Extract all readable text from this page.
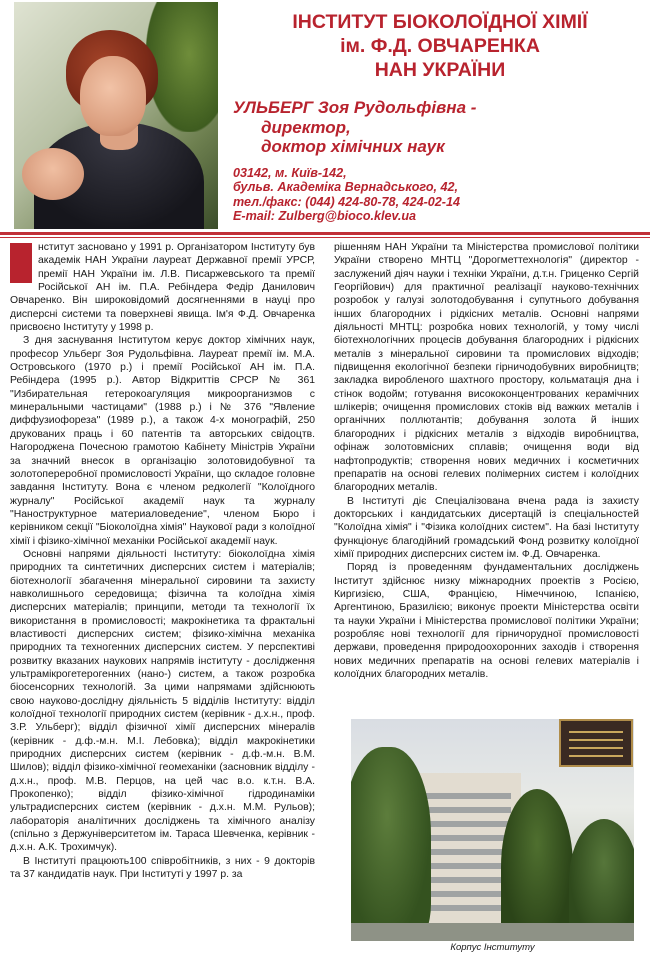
ІНСТИТУТ БІОКОЛОЇДНОЇ ХІМІЇ
ім. Ф.Д. ОВЧАРЕНКА
НАН УКРАЇНИ
УЛЬБЕРГ Зоя Рудольфівна -
директор,
доктор хімічних наук
03142, м. Київ-142,
бульв. Академіка Вернадського, 42,
тел./факс: (044) 424-80-78, 424-02-14
E-mail: Zulberg@bioco.klev.ua

нститут засновано у 1991 р. Організатором Інституту був академік НАН України лауреат Державної премії УРСР, премії НАН України ім. Л.В. Писаржевського та премії Російської АН ім. П.А. Ребіндера Федір Данилович Овчаренко. Він широковідомий досягненнями в науці про дисперсні системи та поверхневі явища. Ім'я Ф.Д. Овчаренка присвоєно Інституту у 1998 р.

З дня заснування Інститутом керує доктор хімічних наук, професор Ульберг Зоя Рудольфівна. Лауреат премії ім. М.А. Островського (1970 р.) і премії Російської АН ім. П.А. Ребіндера (1995 р.). Автор Відкриттів СРСР № 361 "Избирательная гетерокоагуляция микроорганизмов с минеральными частицами" (1988 р.) і № 376 "Явление диффузиофореза" (1989 р.), а також 4-х монографій, 250 друкованих праць і 60 патентів та авторських свідоцтв. Нагороджена Почесною грамотою Кабінету Міністрів України за значний внесок в організацію золотовидобувної та золотопереробної промисловості України, що складое головне завдання Інституту. Вона є членом редколегії "Колоїдного журналу" Російської академії наук та журналу "Наноструктурное материаловедение", членом Бюро і керівником секції "Біоколоїдна хімія" Наукової ради з колоїдної хімії і фізико-хімічної механіки Російської академії наук.

Основні напрями діяльності Інституту: біоколоїдна хімія природних та синтетичних дисперсних систем і матеріалів; біотехнології збагачення мінеральної сировини та захисту навколишнього середовища; фізична та колоїдна хімія дисперсних матеріалів; принципи, методи та технології їх використання в промисловості; макрокінетика та фрактальні властивості дисперсних систем; фізико-хімічна механіка природних та техногенних дисперсних систем. У перспективі розвитку вказаних наукових напрямів інституту - дослідження ультрамікрогетерогенних (нано-) систем, а також розробка біосенсорних технологій. За цими напрямами здійснюють свою науково-дослідну діяльність 5 відділів Інституту: відділ колоїдної технології природних систем (керівник - д.х.н., проф. З.Р. Ульберг); відділ фізичної хімії дисперсних мінералів (керівник - д.ф.-м.н. М.І. Лебовка); відділ макрокінетики природних дисперсних систем (керівник - д.ф.-м.н. В.М. Шилов); відділ фізико-хімічної геомеханіки (засновник відділу - д.х.н., проф. М.В. Перцов, на цей час в.о. к.т.н. В.А. Прокопенко); відділ фізико-хімічної гідродинаміки ультрадисперсних систем (керівник - д.х.н. М.М. Рульов); лабораторія аналітичних досліджень та хімічного аналізу (спільно з Держуніверситетом ім. Тараса Шевченка, керівник - д.х.н. А.К. Трохимчук).

В Інституті працюють100 співробітників, з них - 9 докторів та 37 кандидатів наук. При Інституті у 1997 р. за

рішенням НАН України та Міністерства промислової політики України створено МНТЦ "Дорогметтехнологія" (директор - заслужений діяч науки і техніки України, д.т.н. Гриценко Сергій Георгійович) для практичної реалізації науково-технічних розробок у галузі золотодобування і супутнього добування інших благородних і рідкісних металів. Основні напрями діяльності МНТЦ: розробка нових технологій, у тому числі біотехнологічних процесів добування благородних і рідкісних металів з мінеральної сировини та промислових відходів; підвищення екологічної безпеки гірничодобувних виробництв; закладка виробленого шахтного простору, кольматація дна і стінок водойм; готування висококонцентрованих керамічних шлікерів; очищення промислових стоків від важких металів і органічних поллютантів; добування золота й інших благородних і рідкісних металів з відходів виробництва, офінаж золотовмісних сплавів; очищення води від нафтопродуктів; створення нових медичних і косметичних препаратів на основі гелевих полімерних систем і колоїдних благородних металів.

В Інституті діє Спеціалізована вчена рада із захисту докторських і кандидатських дисертацій із спеціальностей "Колоїдна хімія" і "Фізика колоїдних систем". На базі Інституту функціонує благодійний громадський Фонд розвитку колоїдної хімії природних дисперсних систем ім. Ф.Д. Овчаренка.

Поряд із проведенням фундаментальних досліджень Інститут здійснює низку міжнародних проектів з Росією, Киргизією, США, Францією, Німеччиною, Іспанією, Аргентиною, Бразилією; виконує проекти Міністерства освіти та науки України і Міністерства промислової політики України; розробляє нові технології для гірничорудної промисловості держави, проведення природоохоронних заходів і створення нових медичних препаратів на основі гелевих матеріалів і колоїдних благородних металів.

Корпус Інституту
